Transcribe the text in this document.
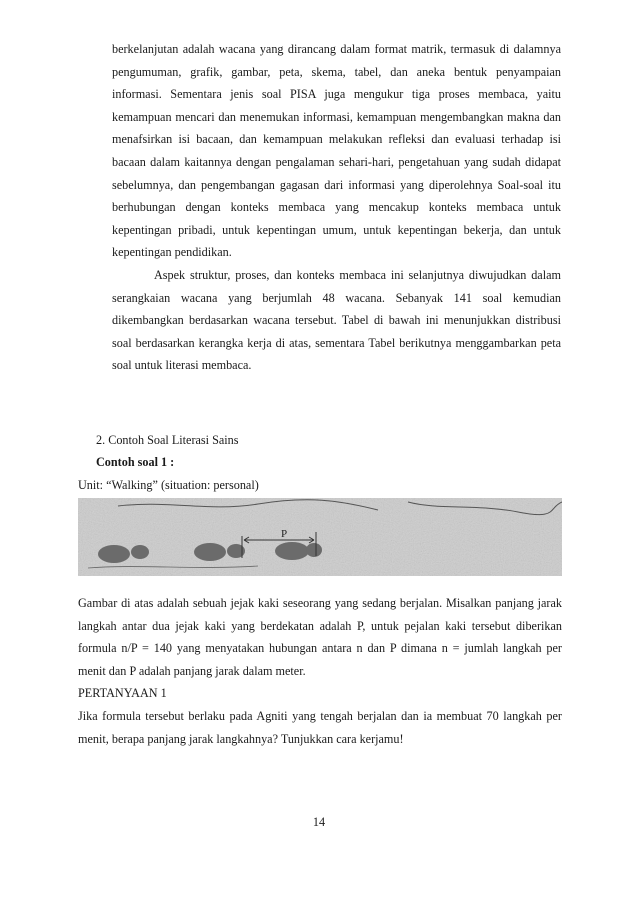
berkelanjutan adalah wacana yang dirancang dalam format matrik, termasuk di dalamnya pengumuman, grafik, gambar, peta, skema, tabel, dan aneka bentuk penyampaian informasi. Sementara jenis soal PISA juga mengukur tiga proses membaca, yaitu kemampuan mencari dan menemukan informasi, kemampuan mengembangkan makna dan menafsirkan isi bacaan, dan kemampuan melakukan refleksi dan evaluasi terhadap isi bacaan dalam kaitannya dengan pengalaman sehari-hari, pengetahuan yang sudah didapat sebelumnya, dan pengembangan gagasan dari informasi yang diperolehnya Soal-soal itu berhubungan dengan konteks membaca yang mencakup konteks membaca untuk kepentingan pribadi, untuk kepentingan umum, untuk kepentingan bekerja, dan untuk kepentingan pendidikan.

Aspek struktur, proses, dan konteks membaca ini selanjutnya diwujudkan dalam serangkaian wacana yang berjumlah 48 wacana. Sebanyak 141 soal kemudian dikembangkan berdasarkan wacana tersebut. Tabel di bawah ini menunjukkan distribusi soal berdasarkan kerangka kerja di atas, sementara Tabel berikutnya menggambarkan peta soal untuk literasi membaca.

2. Contoh Soal Literasi Sains
Contoh soal 1 :
Unit: “Walking” (situation: personal)
P

Gambar di atas adalah sebuah jejak kaki seseorang yang sedang berjalan. Misalkan panjang jarak langkah antar dua jejak kaki yang berdekatan adalah P, untuk pejalan kaki tersebut diberikan formula n/P = 140 yang menyatakan hubungan antara n dan P dimana n = jumlah langkah per menit dan P adalah panjang jarak dalam meter.

PERTANYAAN 1

Jika formula tersebut berlaku pada Agniti yang tengah berjalan dan ia membuat 70 langkah per menit, berapa panjang jarak langkahnya? Tunjukkan cara kerjamu!

14
